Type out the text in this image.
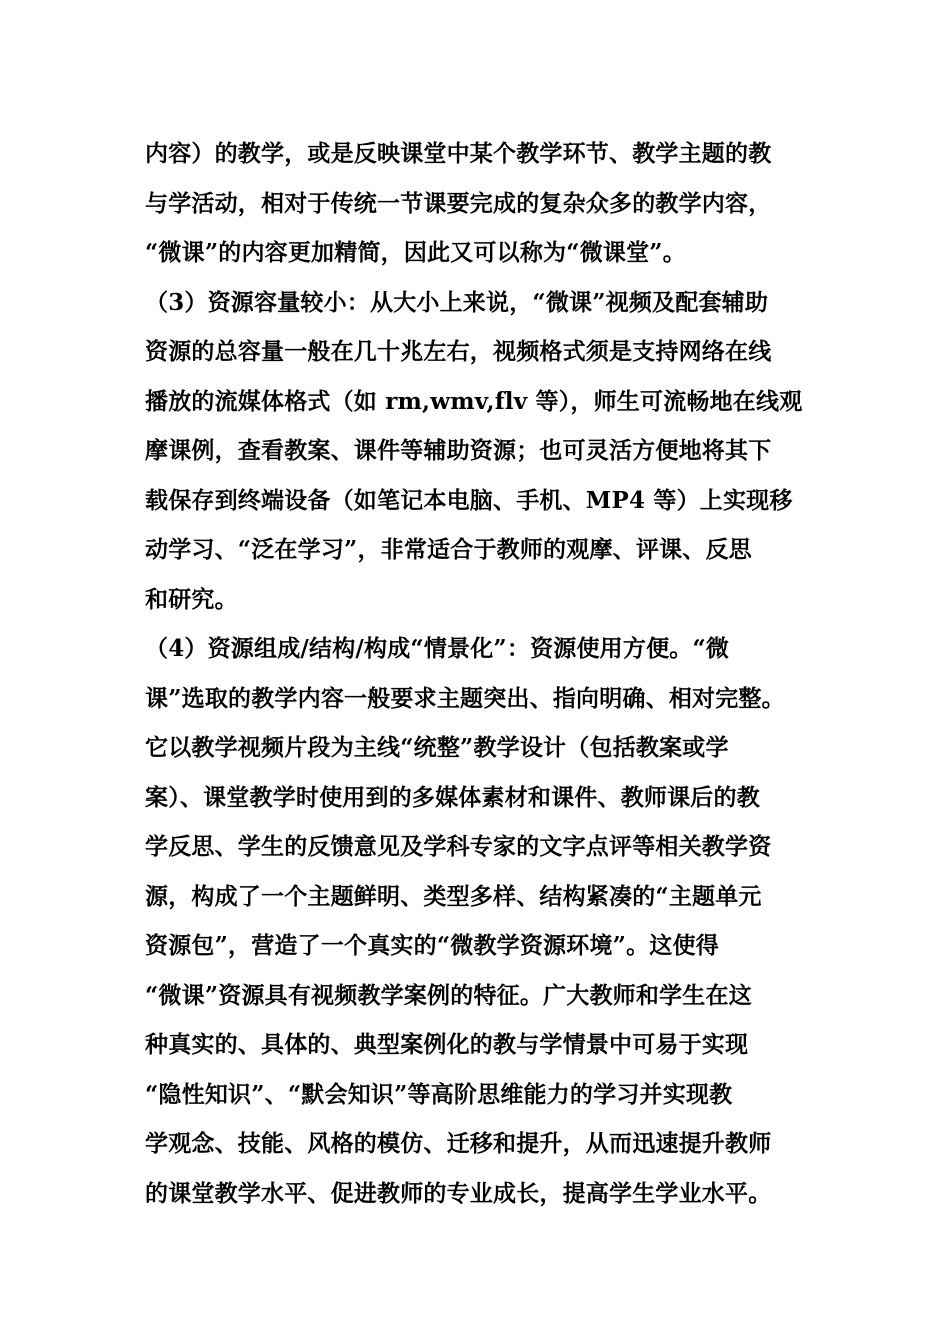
内容）的教学，或是反映课堂中某个教学环节、教学主题的教
与学活动，相对于传统一节课要完成的复杂众多的教学内容，
“微课”的内容更加精简，因此又可以称为“微课堂”。
（3）资源容量较小：从大小上来说，“微课”视频及配套辅助
资源的总容量一般在几十兆左右，视频格式须是支持网络在线
播放的流媒体格式（如 rm,wmv,flv 等），师生可流畅地在线观
摩课例，查看教案、课件等辅助资源；也可灵活方便地将其下
载保存到终端设备（如笔记本电脑、手机、MP4 等）上实现移
动学习、“泛在学习”，非常适合于教师的观摩、评课、反思
和研究。
（4）资源组成/结构/构成“情景化”：资源使用方便。“微
课”选取的教学内容一般要求主题突出、指向明确、相对完整。
它以教学视频片段为主线“统整”教学设计（包括教案或学
案）、课堂教学时使用到的多媒体素材和课件、教师课后的教
学反思、学生的反馈意见及学科专家的文字点评等相关教学资
源，构成了一个主题鲜明、类型多样、结构紧凑的“主题单元
资源包”，营造了一个真实的“微教学资源环境”。这使得
“微课”资源具有视频教学案例的特征。广大教师和学生在这
种真实的、具体的、典型案例化的教与学情景中可易于实现
“隐性知识”、“默会知识”等高阶思维能力的学习并实现教
学观念、技能、风格的模仿、迁移和提升，从而迅速提升教师
的课堂教学水平、促进教师的专业成长，提高学生学业水平。
